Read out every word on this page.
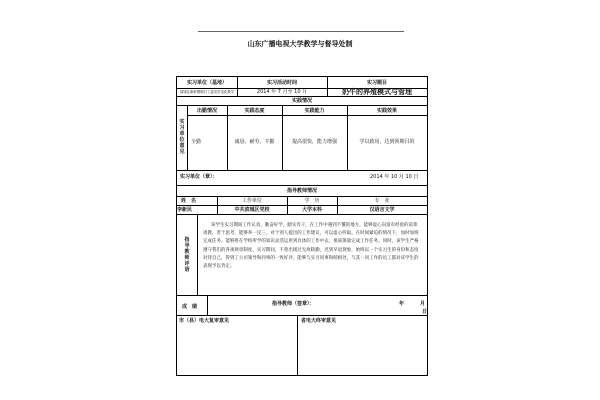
山东广播电视大学教学与督导处制
实习单位（基地）	实习活动时间	实习题目
滨城区新鲜假期日工委党员电化教学	2014 年 7 月至 10 月	奶牛的养殖模式与管理
实践情况
实习单位意见
出勤情况	实践态度	实践能力	实践效果
全勤	诚恳、耐劳、丰勤	提高很快，能力增强	学以致用，达到预期目的
实习单位（章）：	2014 年 10 月 10 日
指导教师情况
姓　名	工作单位	学　历	专　业
李新民	中共滨城区党校	大学本科	汉语言文学
指导教师评语
该学生实习期间工作认真，勤奋好学，踏实肯干，在工作中遇到不懂的地方，能够虚心向富有经验的前辈请教，善于思考，能够举一反三。对于别人提出的工作建议，可以虚心听取。在时间紧迫的情况下，加时加班完成任务。能够将在学校所学的知识灵活运用到具体的工作中去，保质保量完成工作任务。同时，该学生严格遵守我们的各项规章制度，实习期间，不曾出现过无故缺勤，迟到早退现象，始终以一个实习生的身份和态度对待自己，得到了公司领导和同事的一致好评，能够与实习同事和睦相处，与其一同工作的员工都对该学生的表现予以肯定。
成　绩	指导教师（签章）：	年	月
日
市（县）电大复审意见	省电大终审意见
